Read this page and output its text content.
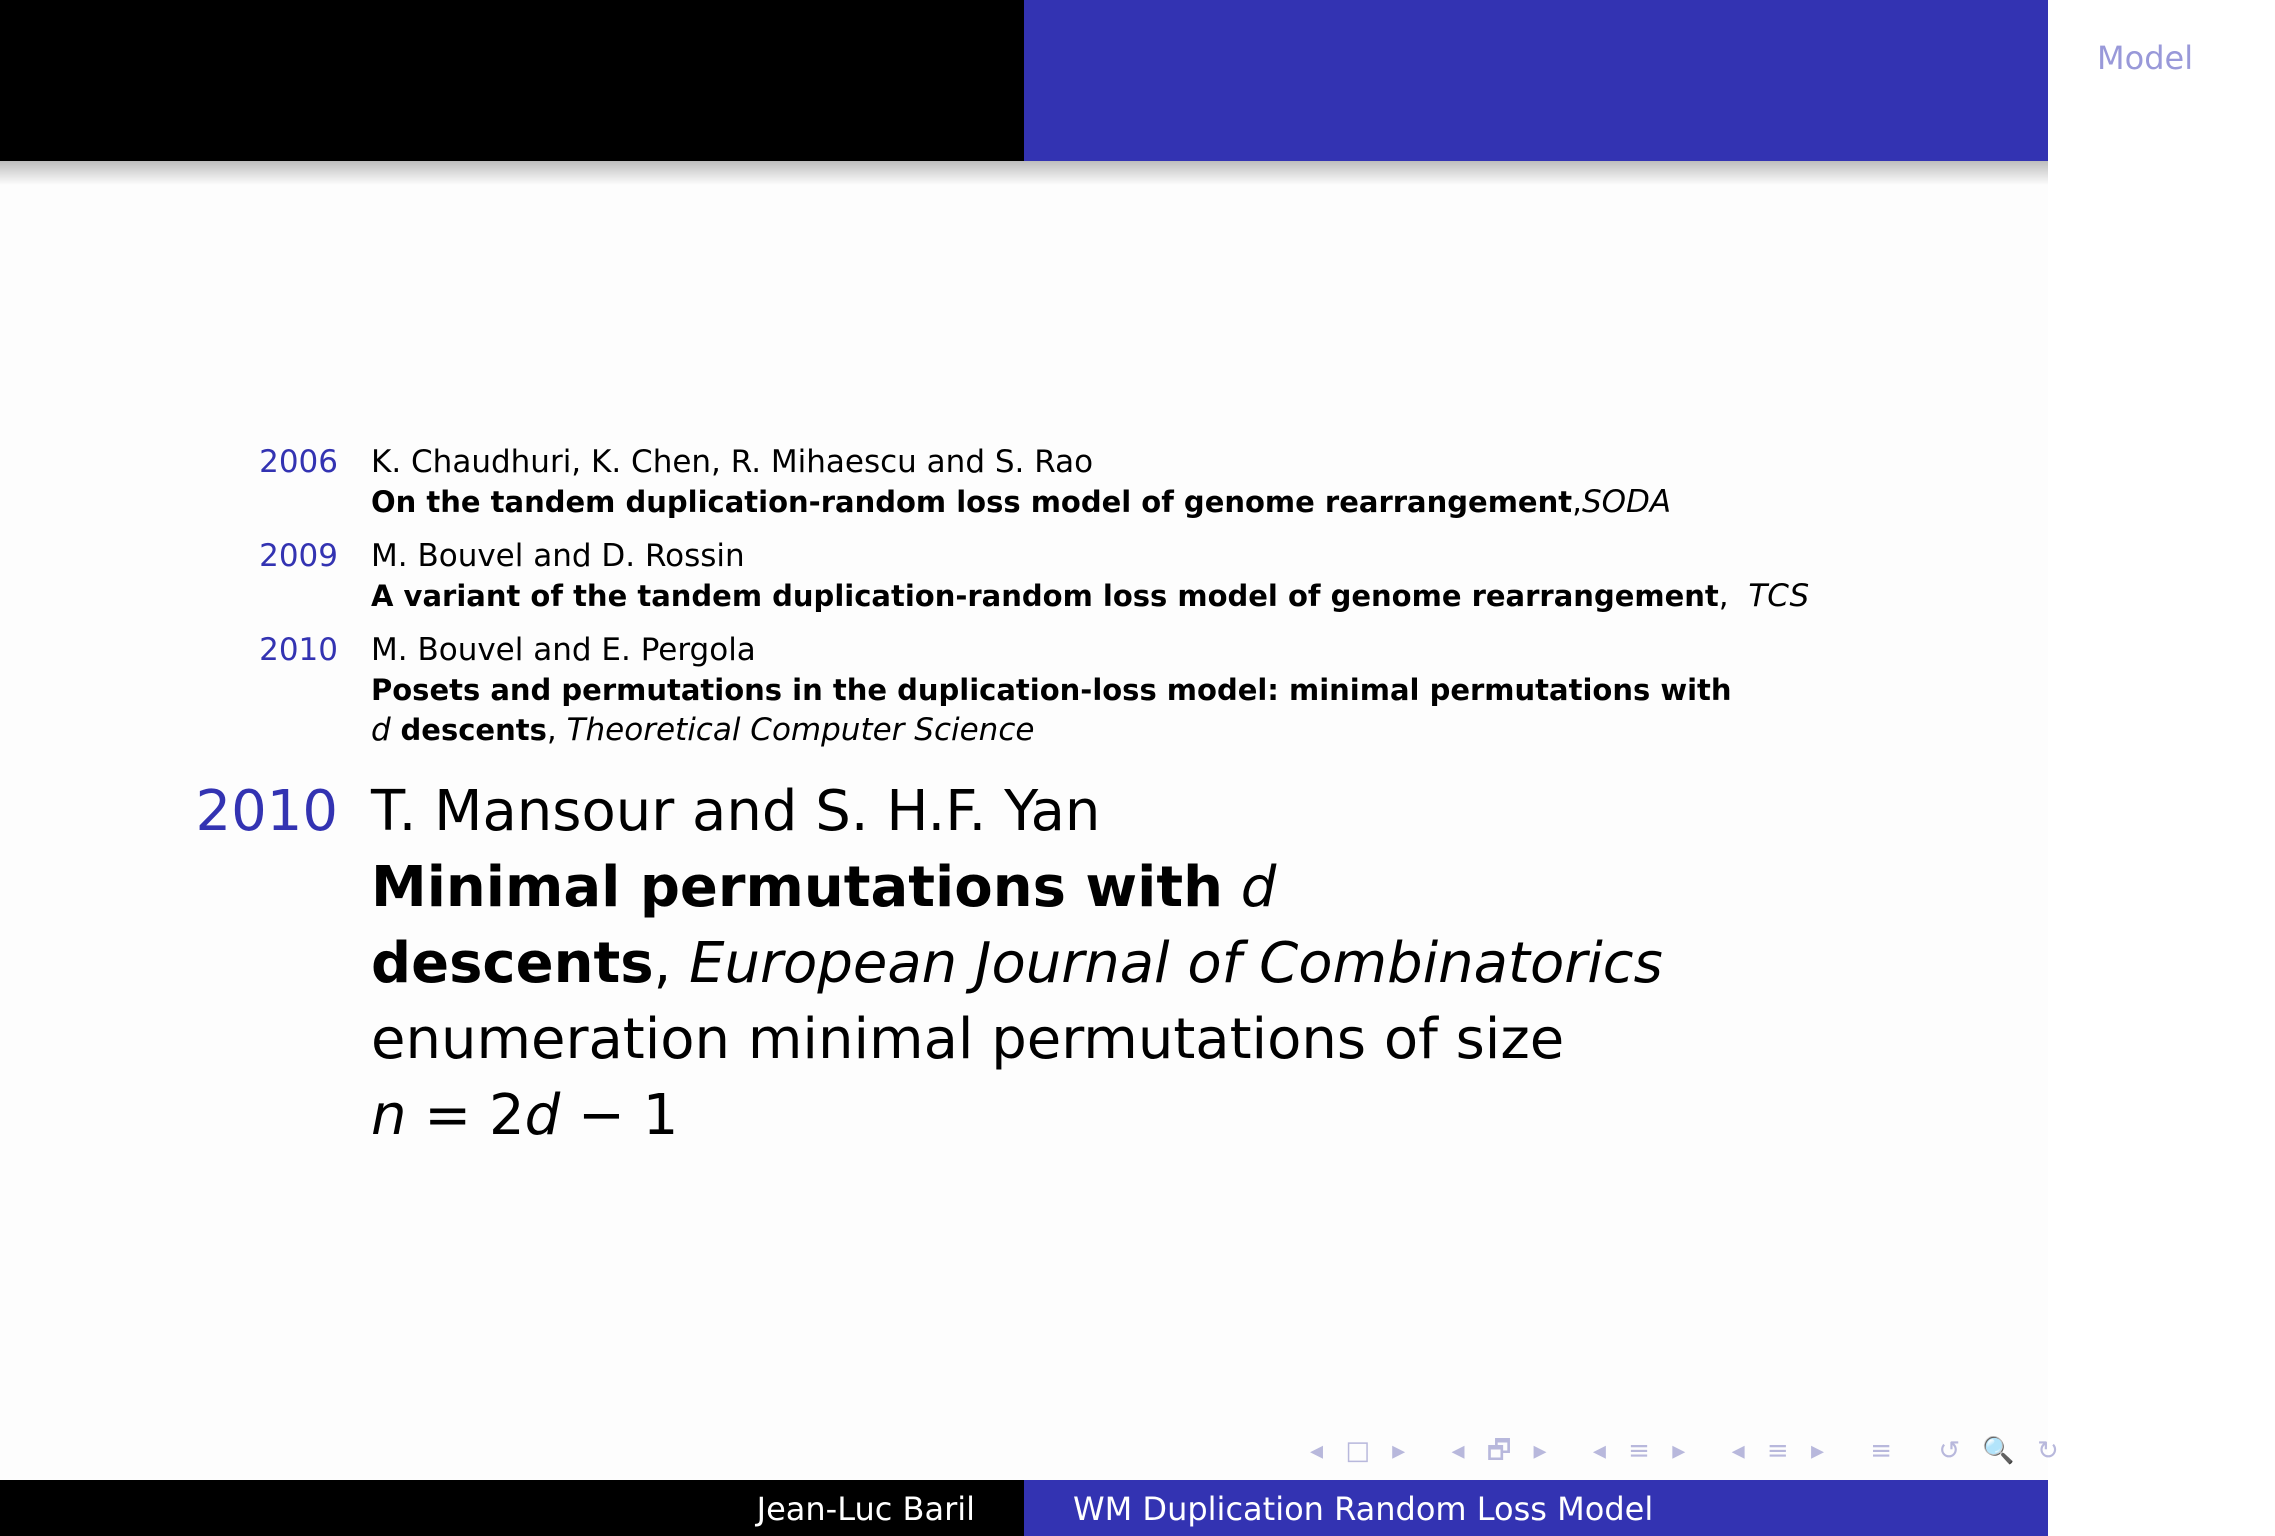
Model
References - known results
2006 K. Chaudhuri, K. Chen, R. Mihaescu and S. Rao
On the tandem duplication-random loss model of genome rearrangement,SODA
2009 M. Bouvel and D. Rossin
A variant of the tandem duplication-random loss model of genome rearrangement,  TCS
2010 M. Bouvel and E. Pergola
Posets and permutations in the duplication-loss model: minimal permutations with d descents, Theoretical Computer Science
2010 T. Mansour and S. H.F. Yan
Minimal permutations with d descents, European Journal of Combinatorics
enumeration minimal permutations of size
n = 2d − 1
◂ □ ▸ ◂ 🗗 ▸ ◂ ≡ ▸ ◂ ≡ ▸ ≡ ↺ 🔍 ↻
Jean-Luc Baril	WM Duplication Random Loss Model
